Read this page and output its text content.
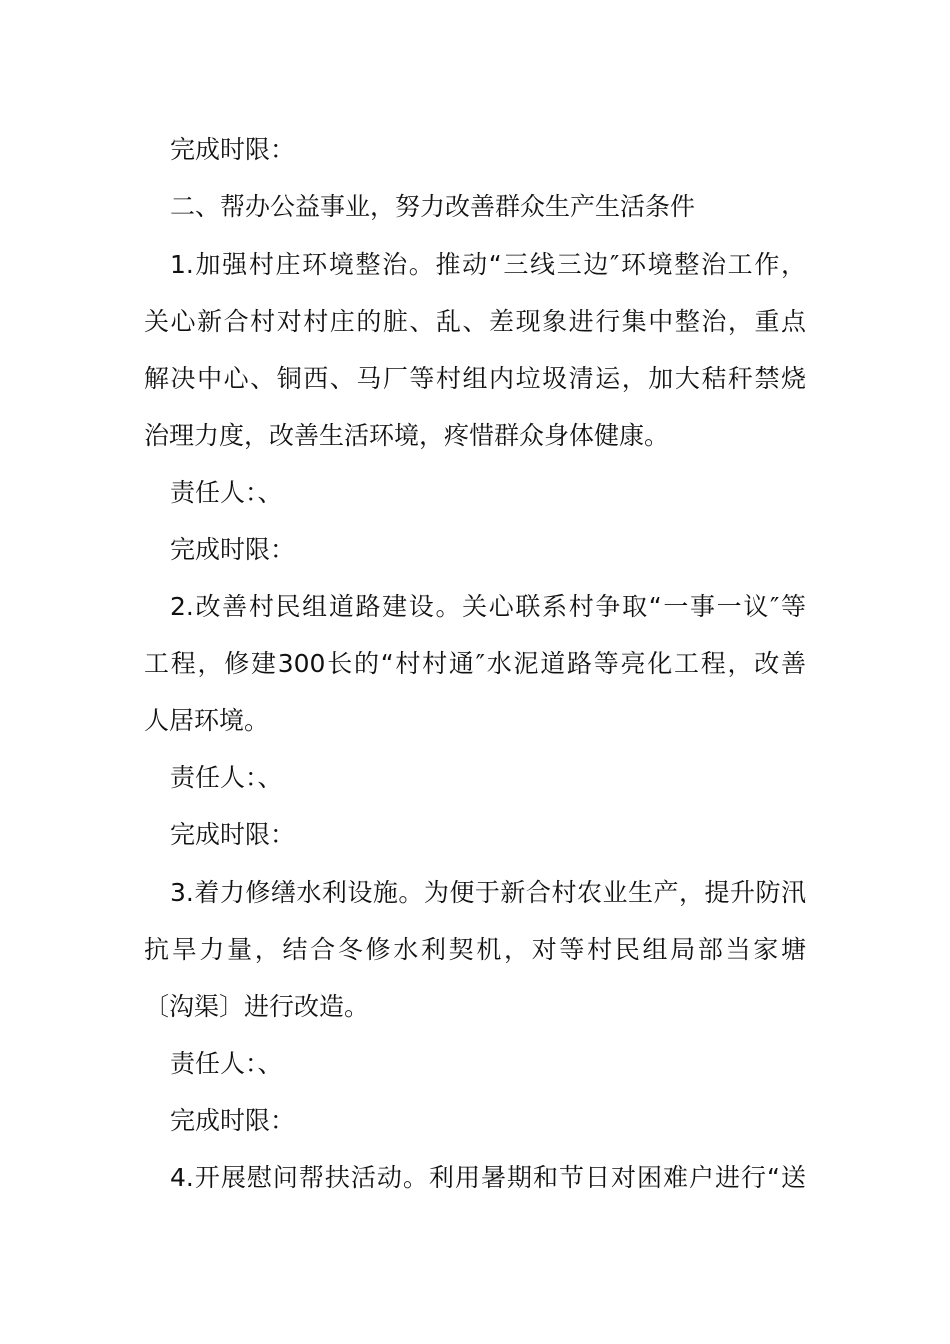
完成时限：

二、帮办公益事业，努力改善群众生产生活条件

1.加强村庄环境整治。推动“三线三边″环境整治工作，

关心新合村对村庄的脏、乱、差现象进行集中整治，重点

解决中心、铜西、马厂等村组内垃圾清运，加大秸秆禁烧

治理力度，改善生活环境，疼惜群众身体健康。

责任人：、

完成时限：

2.改善村民组道路建设。关心联系村争取“一事一议″等

工程，修建300长的“村村通″水泥道路等亮化工程，改善

人居环境。

责任人：、

完成时限：

3.着力修缮水利设施。为便于新合村农业生产，提升防汛

抗旱力量，结合冬修水利契机，对等村民组局部当家塘

〔沟渠〕进行改造。

责任人：、

完成时限：

4.开展慰问帮扶活动。利用暑期和节日对困难户进行“送
